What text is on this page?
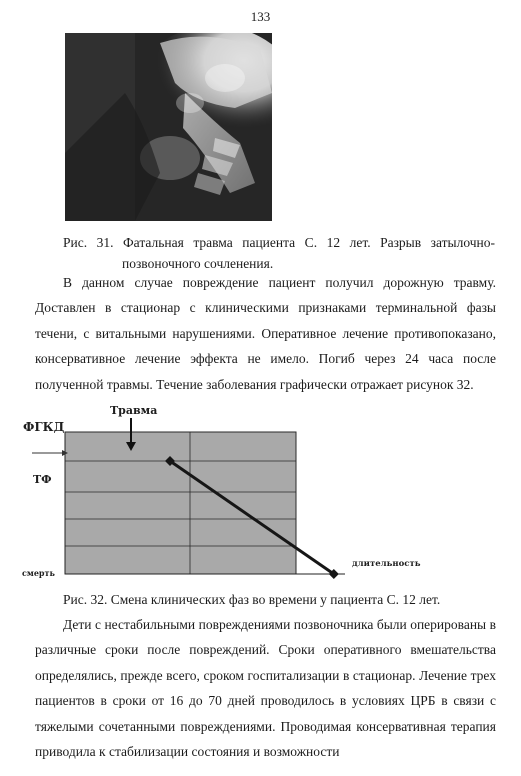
133
Рис. 31. Фатальная травма пациента С. 12 лет. Разрыв затылочно-
позвоночного сочленения.

В данном случае повреждение пациент получил дорожную травму. Доставлен в стационар с клиническими признаками терминальной фазы течени, с витальными нарушениями. Оперативное лечение противопоказано, консервативное лечение эффекта не имело. Погиб через 24 часа после полученной травмы. Течение заболевания графически отражает рисунок 32.

ФГКД
ТФ
смерть
длительность
Травма
Рис. 32. Смена клинических фаз во времени у пациента С. 12 лет.

Дети с нестабильными повреждениями позвоночника были оперированы в различные сроки после повреждений. Сроки оперативного вмешательства определялись, прежде всего, сроком госпитализации в стационар. Лечение трех пациентов в сроки от 16 до 70 дней проводилось в условиях ЦРБ в связи с тяжелыми сочетанными повреждениями. Проводимая консервативная терапия приводила к стабилизации состояния и возможности
